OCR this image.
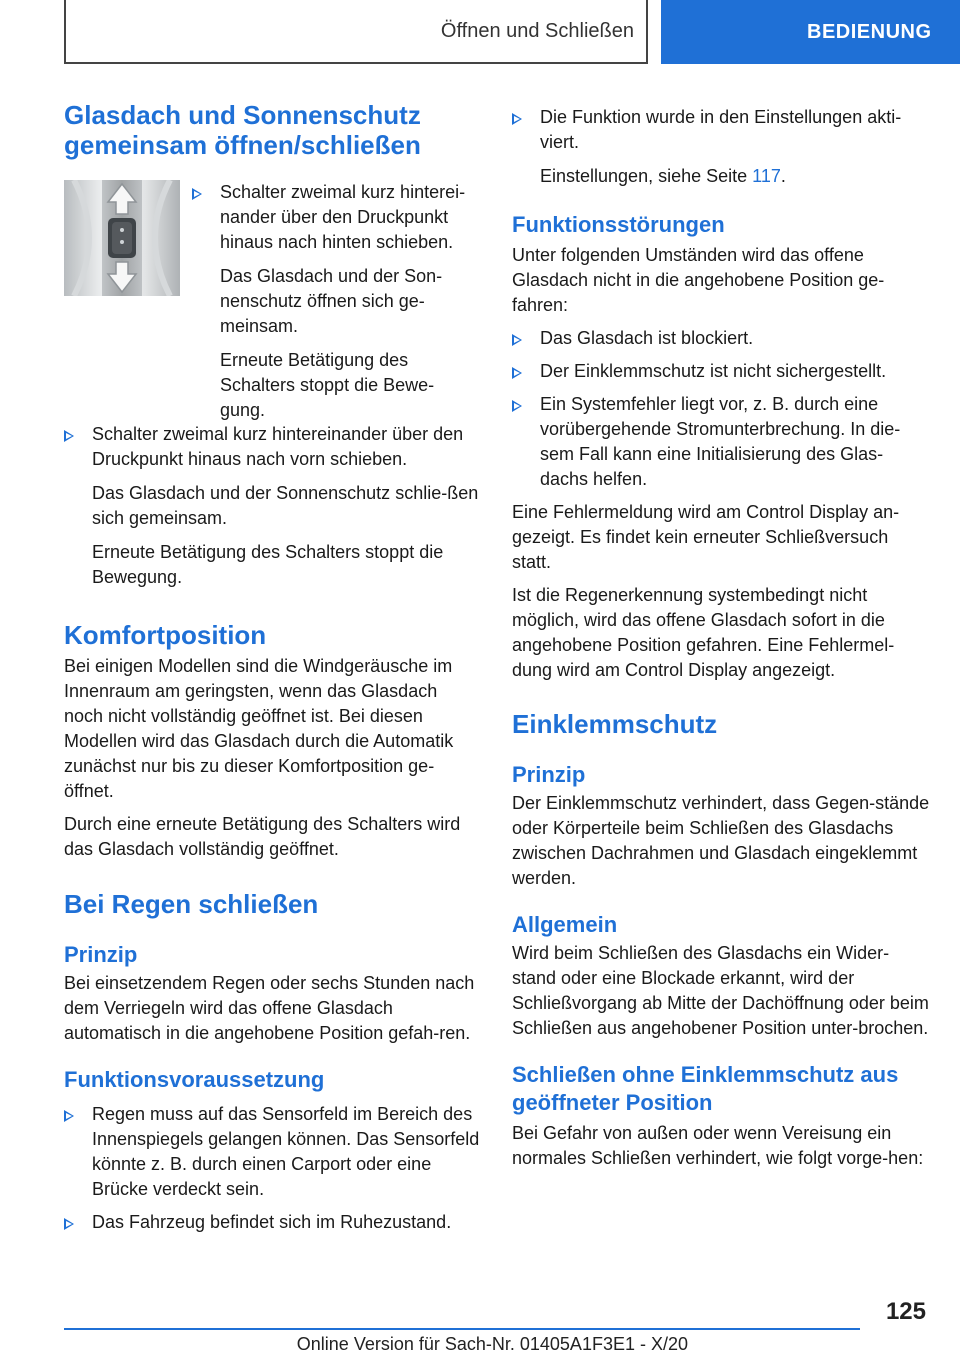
Öffnen und Schließen	BEDIENUNG
Glasdach und Sonnenschutz gemeinsam öffnen/schließen
Schalter zweimal kurz hinterei-
nander über den Druckpunkt
hinaus nach hinten schieben.
Das Glasdach und der Son-
nenschutz öffnen sich ge-
meinsam.
Erneute Betätigung des
Schalters stoppt die Bewe-
gung.
Schalter zweimal kurz hintereinander über den Druckpunkt hinaus nach vorn schieben.
Das Glasdach und der Sonnenschutz schlie-ßen sich gemeinsam.
Erneute Betätigung des Schalters stoppt die Bewegung.
Komfortposition

Bei einigen Modellen sind die Windgeräusche im Innenraum am geringsten, wenn das Glasdach noch nicht vollständig geöffnet ist. Bei diesen Modellen wird das Glasdach durch die Automatik zunächst nur bis zu dieser Komfortposition ge-öffnet.

Durch eine erneute Betätigung des Schalters wird das Glasdach vollständig geöffnet.

Bei Regen schließen
Prinzip

Bei einsetzendem Regen oder sechs Stunden nach dem Verriegeln wird das offene Glasdach automatisch in die angehobene Position gefah-ren.

Funktionsvoraussetzung
Regen muss auf das Sensorfeld im Bereich des Innenspiegels gelangen können. Das Sensorfeld könnte z. B. durch einen Carport oder eine Brücke verdeckt sein.
Das Fahrzeug befindet sich im Ruhezustand.
Die Funktion wurde in den Einstellungen akti-viert.
Einstellungen, siehe Seite 117.
Funktionsstörungen

Unter folgenden Umständen wird das offene Glasdach nicht in die angehobene Position ge-fahren:

Das Glasdach ist blockiert.
Der Einklemmschutz ist nicht sichergestellt.
Ein Systemfehler liegt vor, z. B. durch eine vorübergehende Stromunterbrechung. In die-sem Fall kann eine Initialisierung des Glas-dachs helfen.

Eine Fehlermeldung wird am Control Display an-gezeigt. Es findet kein erneuter Schließversuch statt.

Ist die Regenerkennung systembedingt nicht möglich, wird das offene Glasdach sofort in die angehobene Position gefahren. Eine Fehlermel-dung wird am Control Display angezeigt.

Einklemmschutz
Prinzip

Der Einklemmschutz verhindert, dass Gegen-stände oder Körperteile beim Schließen des Glasdachs zwischen Dachrahmen und Glasdach eingeklemmt werden.

Allgemein

Wird beim Schließen des Glasdachs ein Wider-stand oder eine Blockade erkannt, wird der Schließvorgang ab Mitte der Dachöffnung oder beim Schließen aus angehobener Position unter-brochen.

Schließen ohne Einklemmschutz aus geöffneter Position

Bei Gefahr von außen oder wenn Vereisung ein normales Schließen verhindert, wie folgt vorge-hen:

125
Online Version für Sach-Nr. 01405A1F3E1 - X/20
